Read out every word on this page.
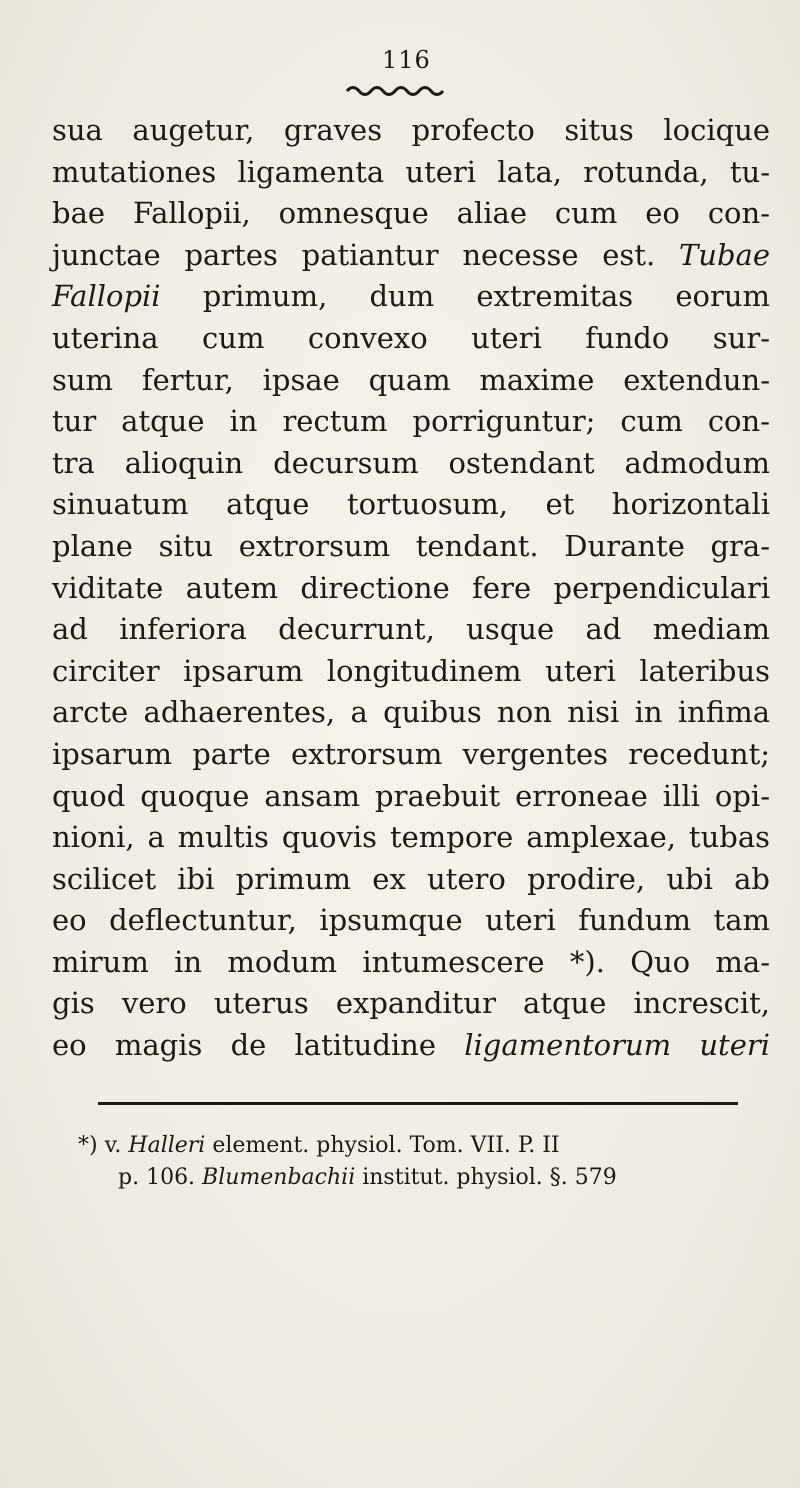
116
sua augetur, graves profecto situs locique
mutationes ligamenta uteri lata, rotunda, tu-
bae Fallopii, omnesque aliae cum eo con-
junctae partes patiantur necesse est. Tubae
Fallopii primum, dum extremitas eorum
uterina cum convexo uteri fundo sur-
sum fertur, ipsae quam maxime extendun-
tur atque in rectum porriguntur; cum con-
tra alioquin decursum ostendant admodum
sinuatum atque tortuosum, et horizontali
plane situ extrorsum tendant. Durante gra-
viditate autem directione fere perpendiculari
ad inferiora decurrunt, usque ad mediam
circiter ipsarum longitudinem uteri lateribus
arcte adhaerentes, a quibus non nisi in infima
ipsarum parte extrorsum vergentes recedunt;
quod quoque ansam praebuit erroneae illi opi-
nioni, a multis quovis tempore amplexae, tubas
scilicet ibi primum ex utero prodire, ubi ab
eo deflectuntur, ipsumque uteri fundum tam
mirum in modum intumescere *). Quo ma-
gis vero uterus expanditur atque increscit,
eo magis de latitudine ligamentorum uteri
*) v. Halleri element. physiol. Tom. VII. P. II
p. 106. Blumenbachii institut. physiol. §. 579
